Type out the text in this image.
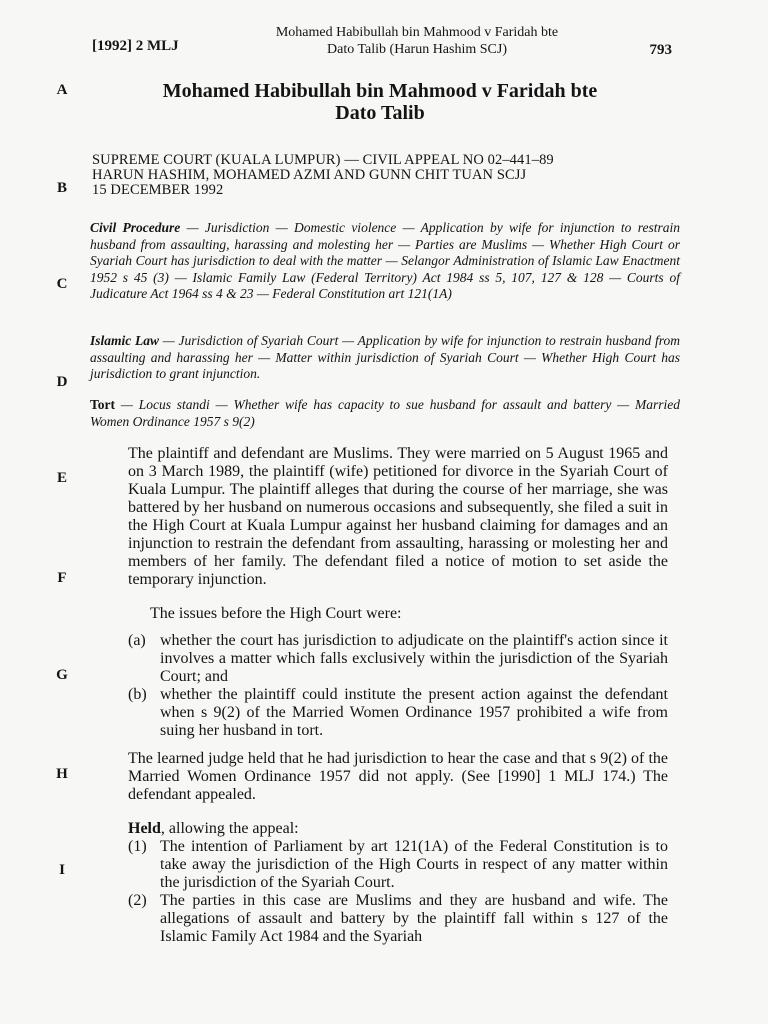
[1992] 2 MLJ
Mohamed Habibullah bin Mahmood v Faridah bte
Dato Talib (Harun Hashim SCJ)	793
A
B
C
D
E
F
G
H
I
Mohamed Habibullah bin Mahmood v Faridah bte
Dato Talib
SUPREME COURT (KUALA LUMPUR) — CIVIL APPEAL NO 02–441–89
HARUN HASHIM, MOHAMED AZMI AND GUNN CHIT TUAN SCJJ
15 DECEMBER 1992
Civil Procedure — Jurisdiction — Domestic violence — Application by wife for injunction to restrain husband from assaulting, harassing and molesting her — Parties are Muslims — Whether High Court or Syariah Court has jurisdiction to deal with the matter — Selangor Administration of Islamic Law Enactment 1952 s 45 (3) — Islamic Family Law (Federal Territory) Act 1984 ss 5, 107, 127 & 128 — Courts of Judicature Act 1964 ss 4 & 23 — Federal Constitution art 121(1A)
Islamic Law — Jurisdiction of Syariah Court — Application by wife for injunction to restrain husband from assaulting and harassing her — Matter within jurisdiction of Syariah Court — Whether High Court has jurisdiction to grant injunction.
Tort — Locus standi — Whether wife has capacity to sue husband for assault and battery — Married Women Ordinance 1957 s 9(2)
The plaintiff and defendant are Muslims. They were married on 5 August 1965 and on 3 March 1989, the plaintiff (wife) petitioned for divorce in the Syariah Court of Kuala Lumpur. The plaintiff alleges that during the course of her marriage, she was battered by her husband on numerous occasions and subsequently, she filed a suit in the High Court at Kuala Lumpur against her husband claiming for damages and an injunction to restrain the defendant from assaulting, harassing or molesting her and members of her family. The defendant filed a notice of motion to set aside the temporary injunction.
The issues before the High Court were:
(a) whether the court has jurisdiction to adjudicate on the plaintiff's action since it involves a matter which falls exclusively within the jurisdiction of the Syariah Court; and
(b) whether the plaintiff could institute the present action against the defendant when s 9(2) of the Married Women Ordinance 1957 prohibited a wife from suing her husband in tort.
The learned judge held that he had jurisdiction to hear the case and that s 9(2) of the Married Women Ordinance 1957 did not apply. (See [1990] 1 MLJ 174.) The defendant appealed.
Held, allowing the appeal:
(1) The intention of Parliament by art 121(1A) of the Federal Constitution is to take away the jurisdiction of the High Courts in respect of any matter within the jurisdiction of the Syariah Court.
(2) The parties in this case are Muslims and they are husband and wife. The allegations of assault and battery by the plaintiff fall within s 127 of the Islamic Family Act 1984 and the Syariah
